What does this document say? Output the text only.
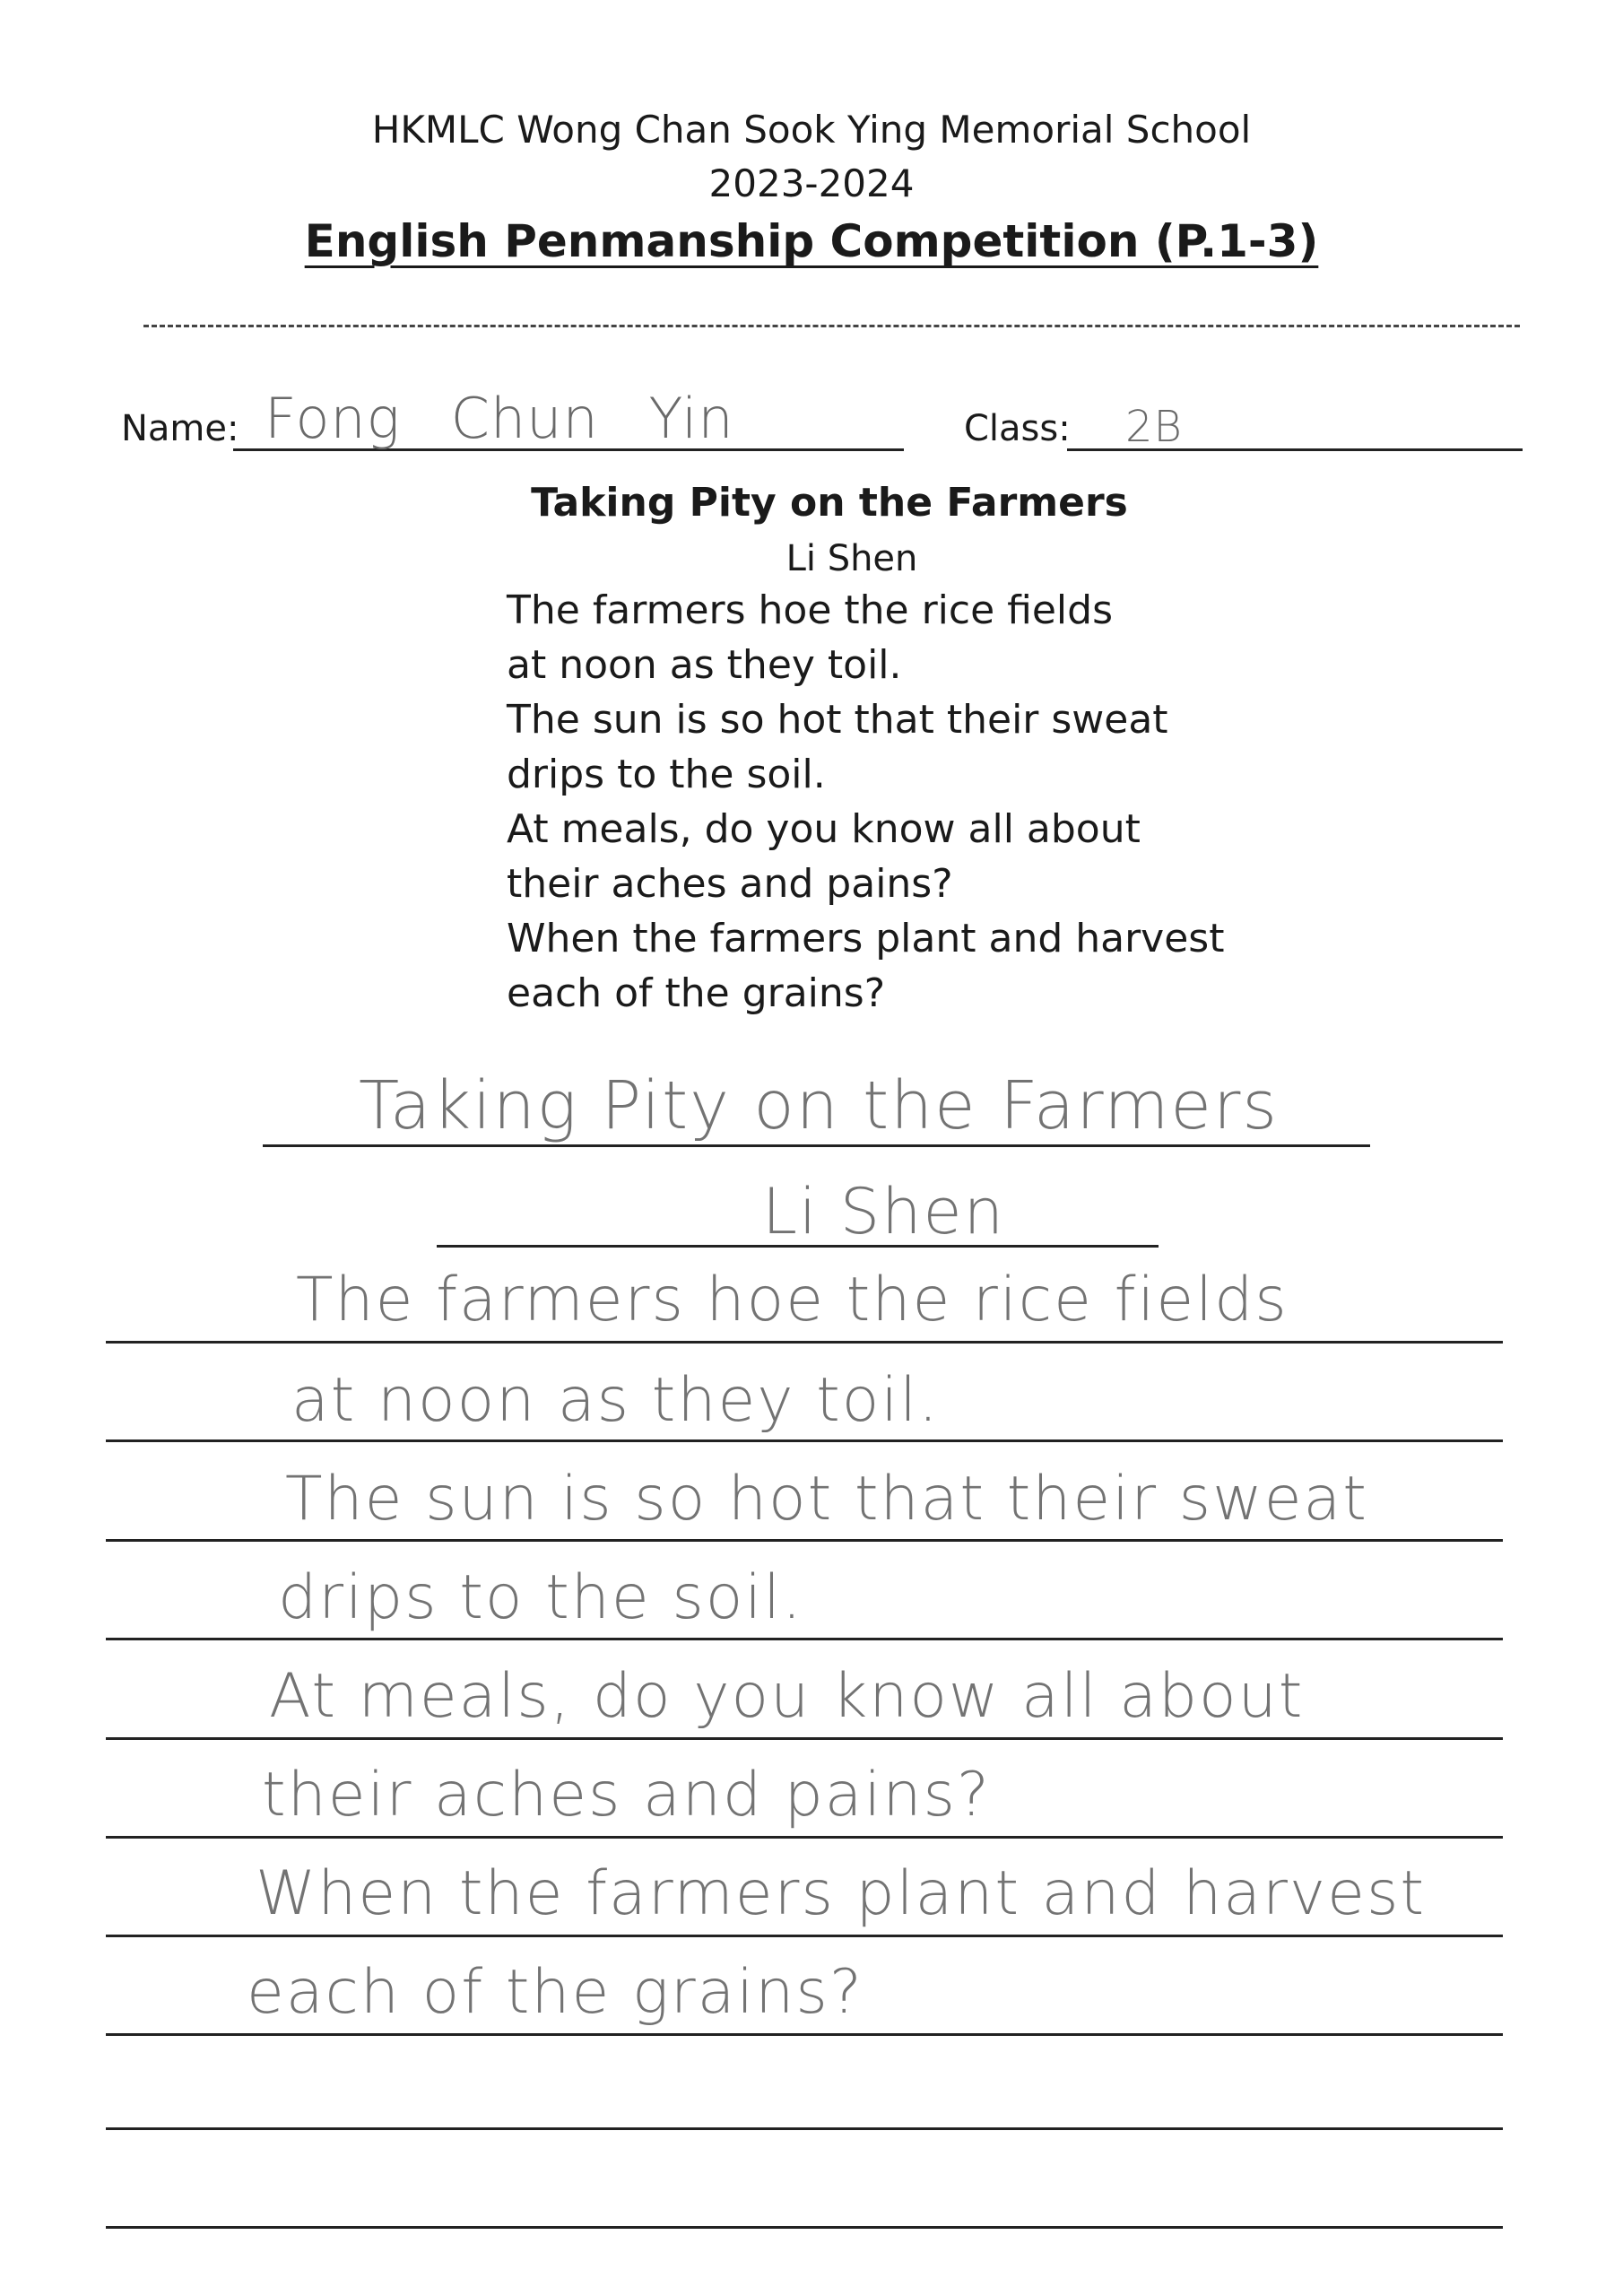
HKMLC Wong Chan Sook Ying Memorial School
2023-2024
English Penmanship Competition (P.1-3)
Name: Fong Chun Yin	Class: 2B
Taking Pity on the Farmers
Li Shen
The farmers hoe the rice fields
at noon as they toil.
The sun is so hot that their sweat
drips to the soil.
At meals, do you know all about
their aches and pains?
When the farmers plant and harvest
each of the grains?
Taking Pity on the Farmers
Li Shen
The farmers hoe the rice fields
at noon as they toil.
The sun is so hot that their sweat
drips to the soil.
At meals, do you know all about
their aches and pains?
When the farmers plant and harvest
each of the grains?
